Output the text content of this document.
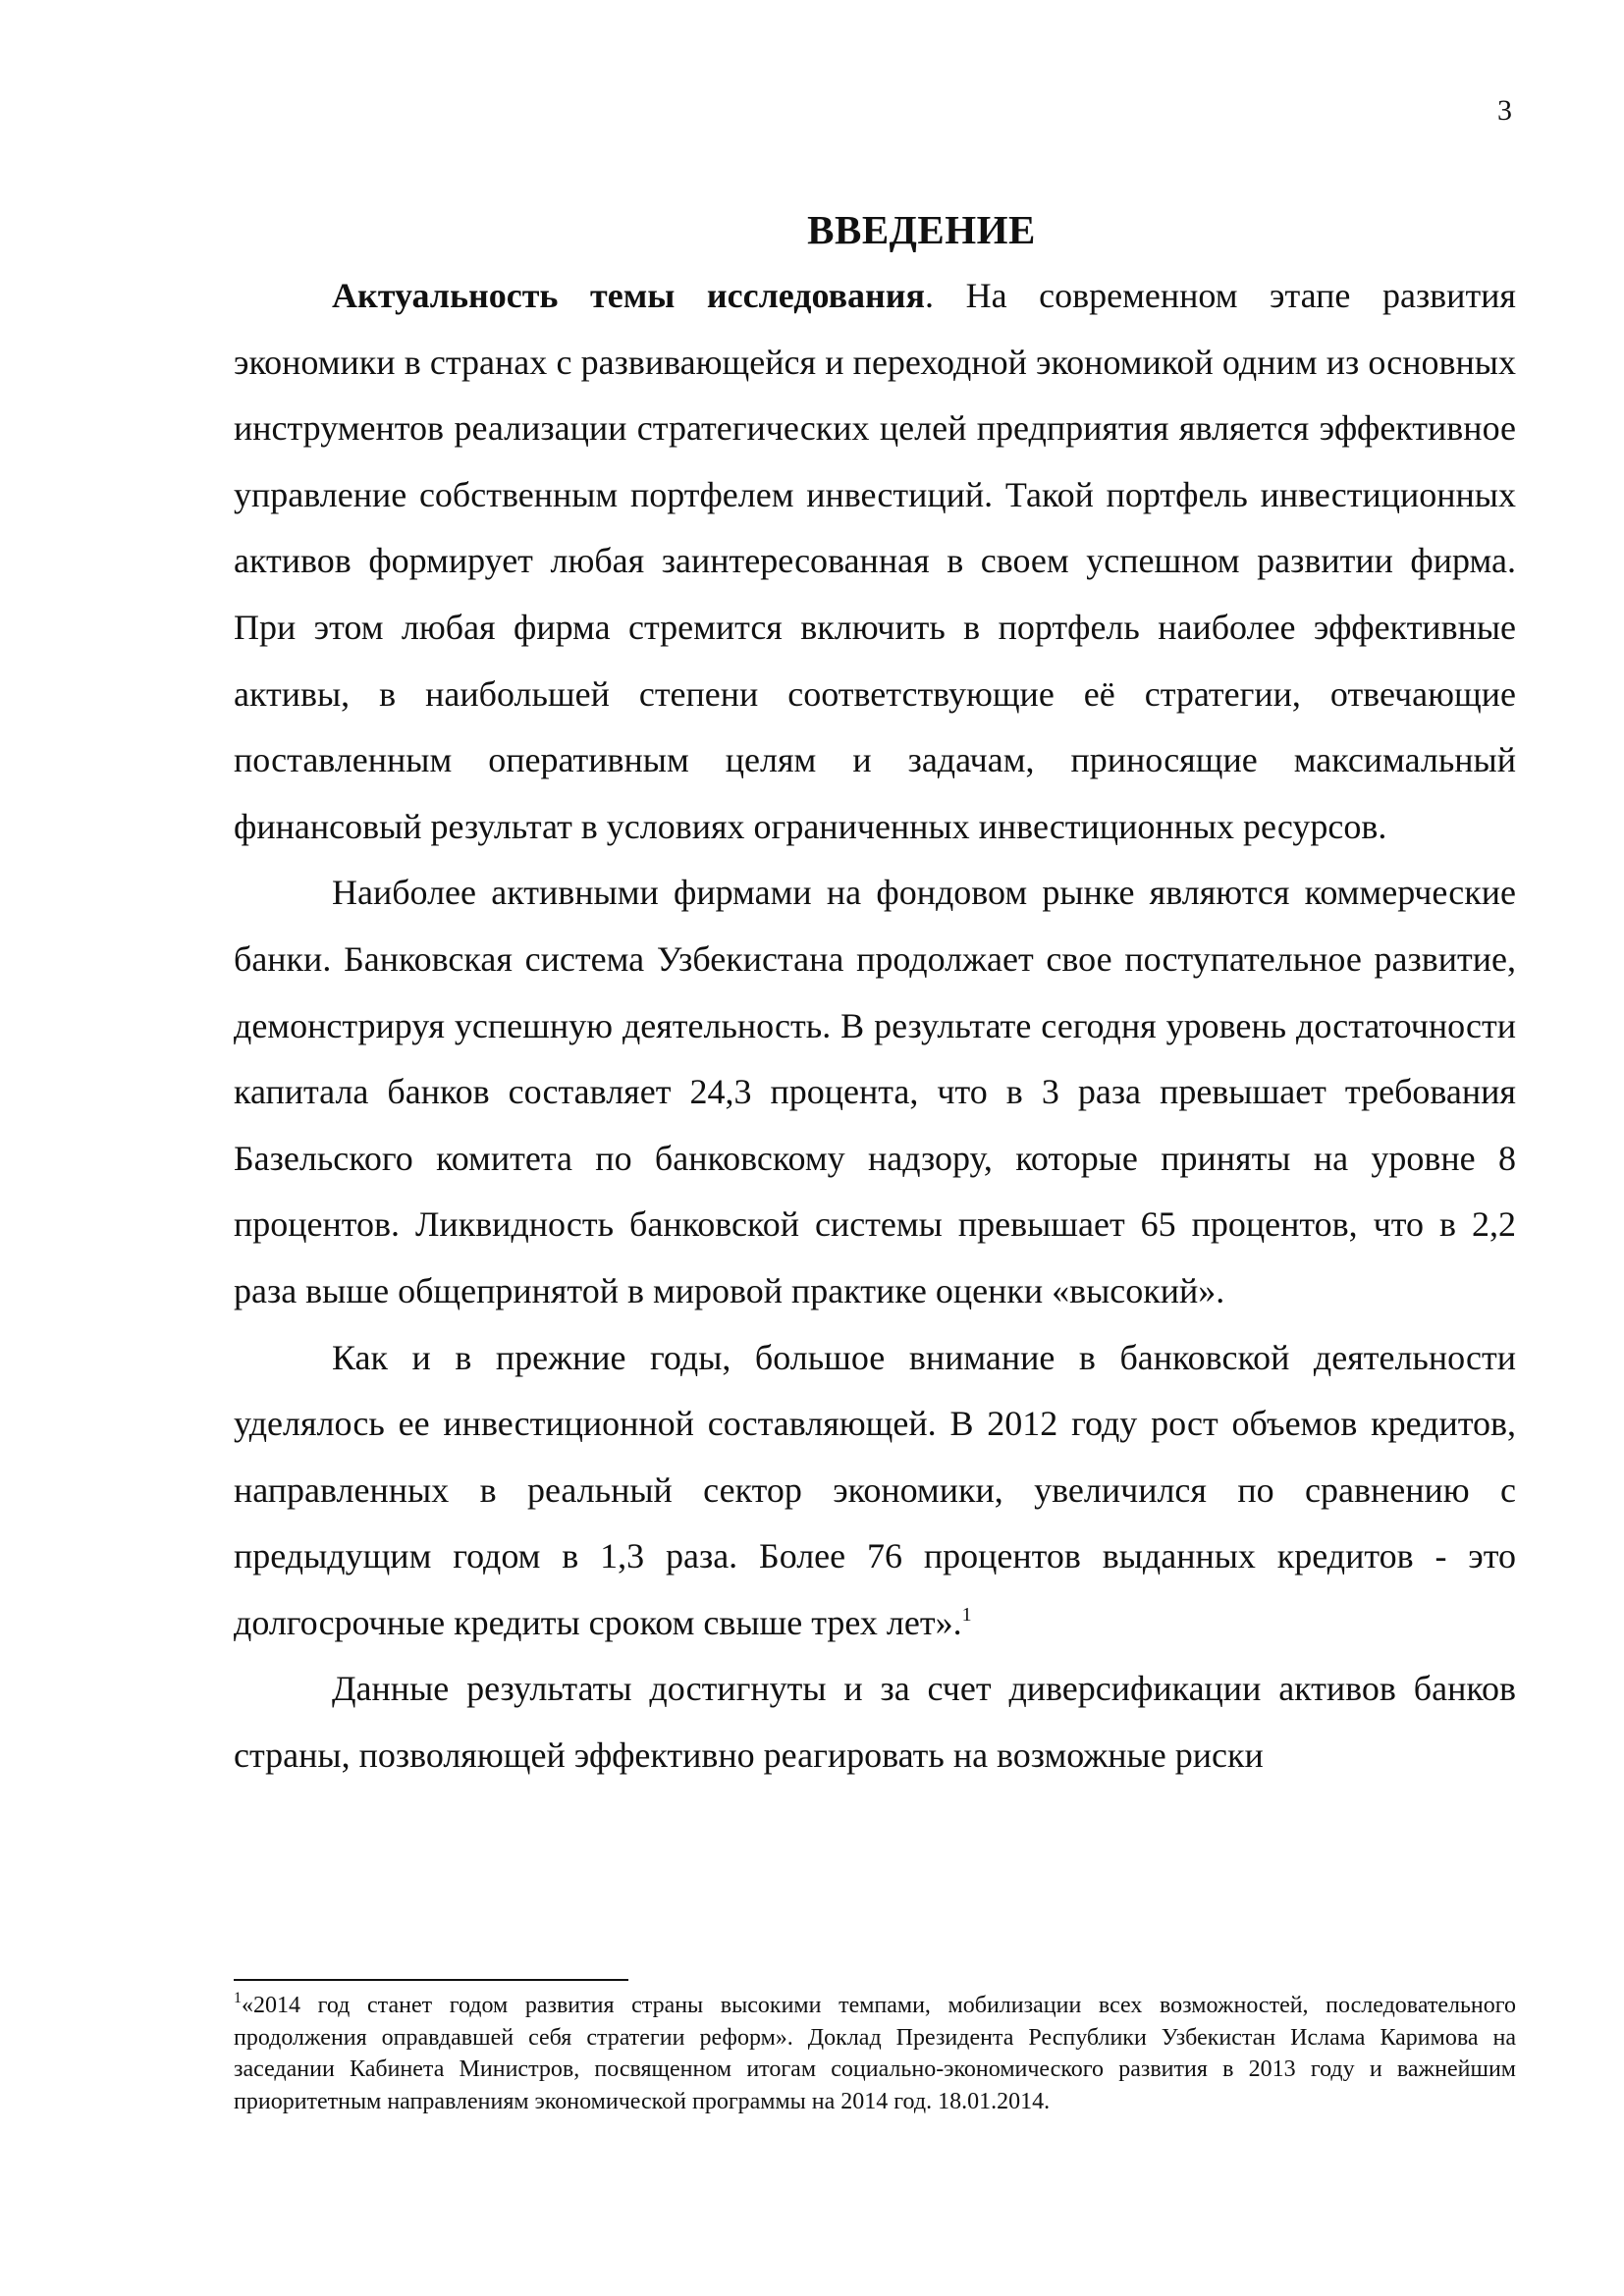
3
ВВЕДЕНИЕ

Актуальность темы исследования. На современном этапе развития экономики в странах с развивающейся и переходной экономикой одним из основных инструментов реализации стратегических целей предприятия является эффективное управление собственным портфелем инвестиций. Такой портфель инвестиционных активов формирует любая заинтересованная в своем успешном развитии фирма. При этом любая фирма стремится включить в портфель наиболее эффективные активы, в наибольшей степени соответствующие её стратегии, отвечающие поставленным оперативным целям и задачам, приносящие максимальный финансовый результат в условиях ограниченных инвестиционных ресурсов.

Наиболее активными фирмами на фондовом рынке являются коммерческие банки. Банковская система Узбекистана продолжает свое поступательное развитие, демонстрируя успешную деятельность. В результате сегодня уровень достаточности капитала банков составляет 24,3 процента, что в 3 раза превышает требования Базельского комитета по банковскому надзору, которые приняты на уровне 8 процентов. Ликвидность банковской системы превышает 65 процентов, что в 2,2 раза выше общепринятой в мировой практике оценки «высокий».

Как и в прежние годы, большое внимание в банковской деятельности уделялось ее инвестиционной составляющей. В 2012 году рост объемов кредитов, направленных в реальный сектор экономики, увеличился по сравнению с предыдущим годом в 1,3 раза. Более 76 процентов выданных кредитов - это долгосрочные кредиты сроком свыше трех лет».$^1$

Данные результаты достигнуты и за счет диверсификации активов банков страны, позволяющей эффективно реагировать на возможные риски

$^1$«2014 год станет годом развития страны высокими темпами, мобилизации всех возможностей, последовательного продолжения оправдавшей себя стратегии реформ». Доклад Президента Республики Узбекистан Ислама Каримова на заседании Кабинета Министров, посвященном итогам социально-экономического развития в 2013 году и важнейшим приоритетным направлениям экономической программы на 2014 год. 18.01.2014.
